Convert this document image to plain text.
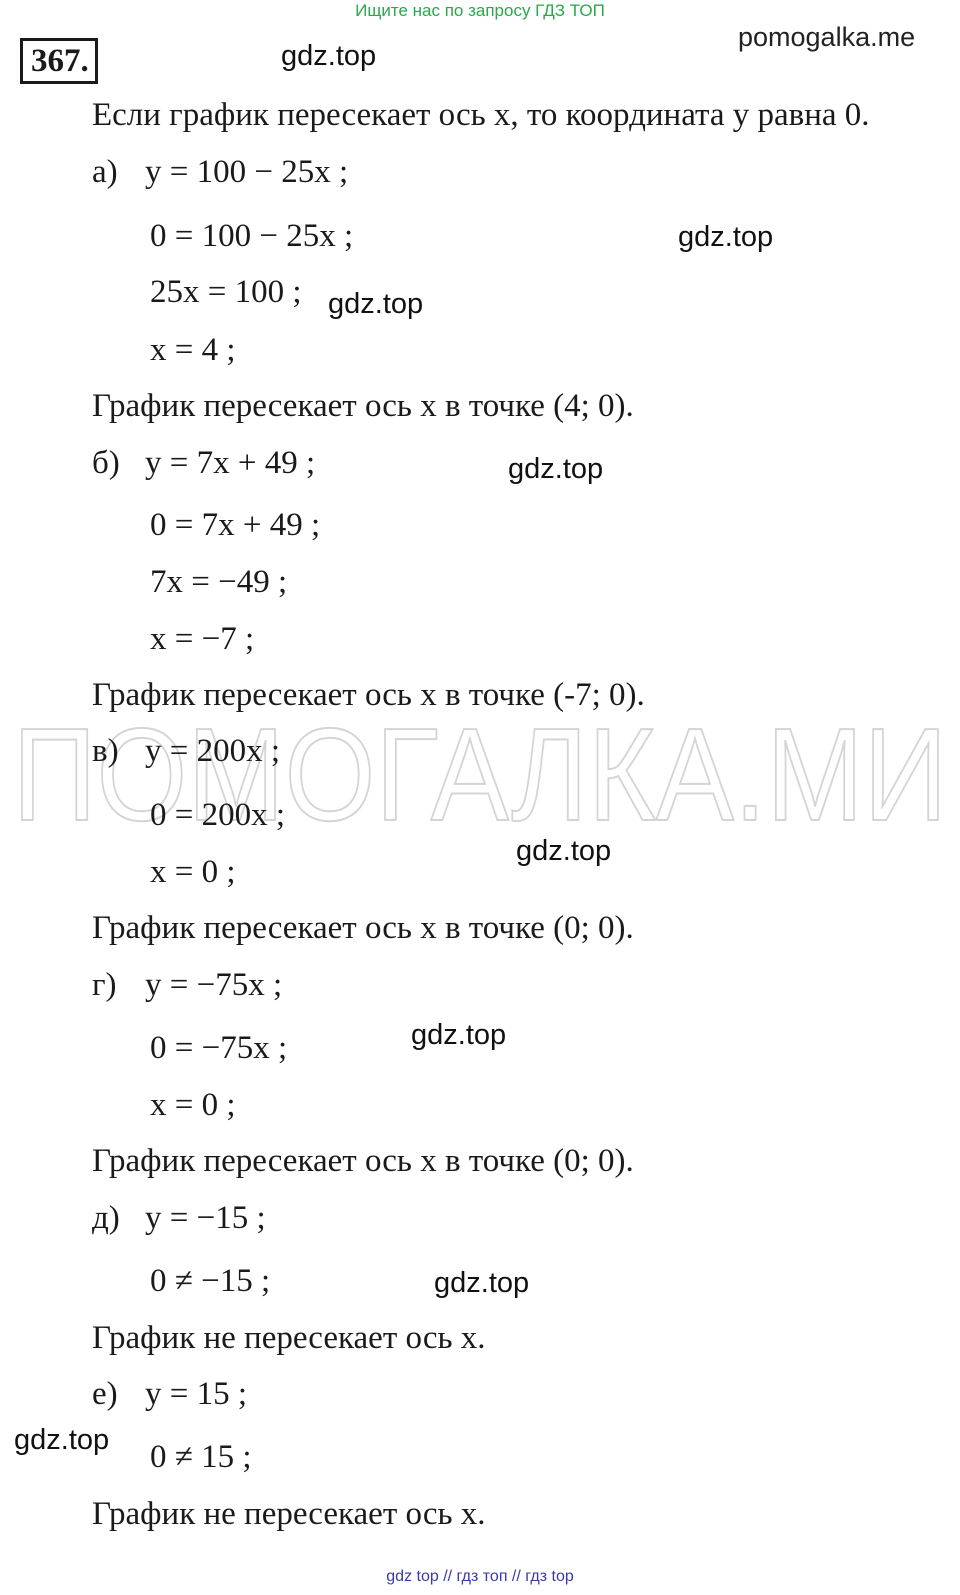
Ищите нас по запросу ГДЗ ТОП
367.
pomogalka.me
ПОМОГАЛКА.МИ
gdz.top
gdz.top
gdz.top
gdz.top
gdz.top
gdz.top
gdz.top
gdz.top
Если график пересекает ось x, то координата y равна 0.
а) y = 100 − 25x ;
0 = 100 − 25x ;
25x = 100 ;
x = 4 ;
График пересекает ось x в точке (4; 0).
б) y = 7x + 49 ;
0 = 7x + 49 ;
7x = −49 ;
x = −7 ;
График пересекает ось x в точке (-7; 0).
в) y = 200x ;
0 = 200x ;
x = 0 ;
График пересекает ось x в точке (0; 0).
г) y = −75x ;
0 = −75x ;
x = 0 ;
График пересекает ось x в точке (0; 0).
д) y = −15 ;
0 ≠ −15 ;
График не пересекает ось x.
е) y = 15 ;
0 ≠ 15 ;
График не пересекает ось x.
gdz top // гдз топ // гдз top
